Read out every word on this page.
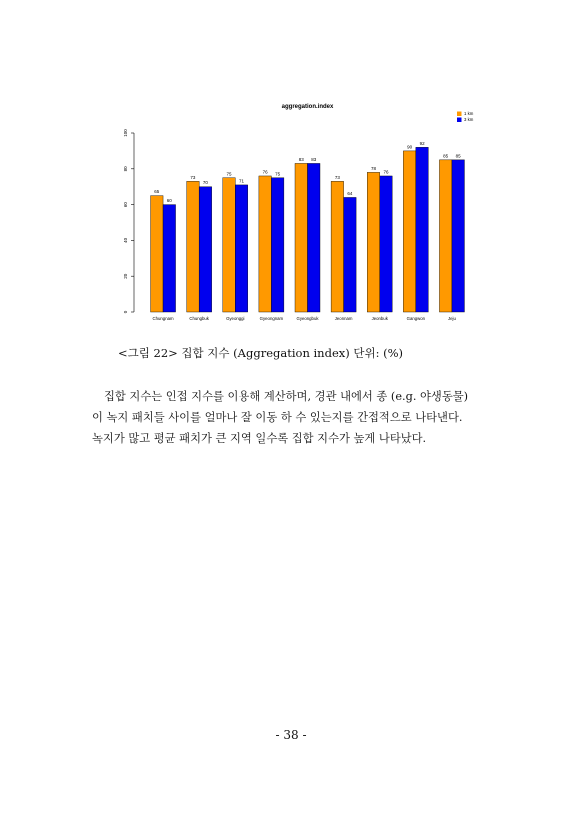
aggregation.index
0
20
40
60
80
100
65
60
Chungnam
73
70
Chungbuk
75
71
Gyeonggi
76 75
Gyeongnam
83 83
Gyeongbuk
73
64
Jeonnam
78
76
Jeonbuk
90
92
Gangwon
85 85
Jeju
1 km
3 km
<그림 22> 집합 지수 (Aggregation index) 단위: (%)

집합 지수는 인접 지수를 이용해 계산하며, 경관 내에서 종 (e.g. 야생동물)

이 녹지 패치들 사이를 얼마나 잘 이동 하 수 있는지를 간접적으로 나타낸다.

녹지가 많고 평균 패치가 큰 지역 일수록 집합 지수가 높게 나타났다.

- 38 -
